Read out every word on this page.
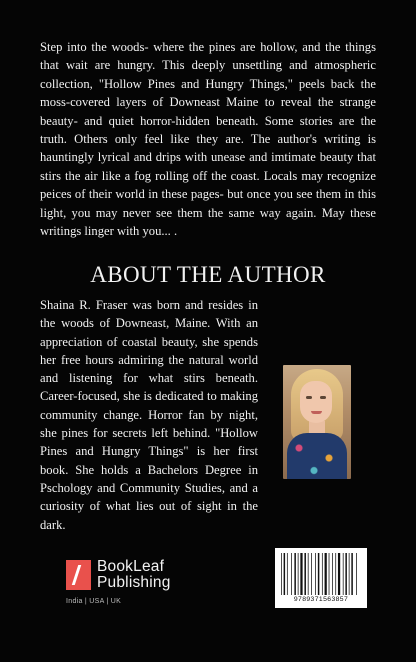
Step into the woods- where the pines are hollow, and the things that wait are hungry. This deeply unsettling and atmospheric collection, "Hollow Pines and Hungry Things," peels back the moss-covered layers of Downeast Maine to reveal the strange beauty- and quiet horror-hidden beneath. Some stories are the truth. Others only feel like they are. The author's writing is hauntingly lyrical and drips with unease and imtimate beauty that stirs the air like a fog rolling off the coast. Locals may recognize peices of their world in these pages- but once you see them in this light, you may never see them the same way again. May these writings linger with you... .

ABOUT THE AUTHOR

Shaina R. Fraser was born and resides in the woods of Downeast, Maine. With an appreciation of coastal beauty, she spends her free hours admiring the natural world and listening for what stirs beneath. Career-focused, she is dedicated to making community change. Horror fan by night, she pines for secrets left behind. "Hollow Pines and Hungry Things" is her first book. She holds a Bachelors Degree in Pschology and Community Studies, and a curiosity of what lies out of sight in the dark.

BookLeaf
Publishing
India | USA | UK	9789371563857
